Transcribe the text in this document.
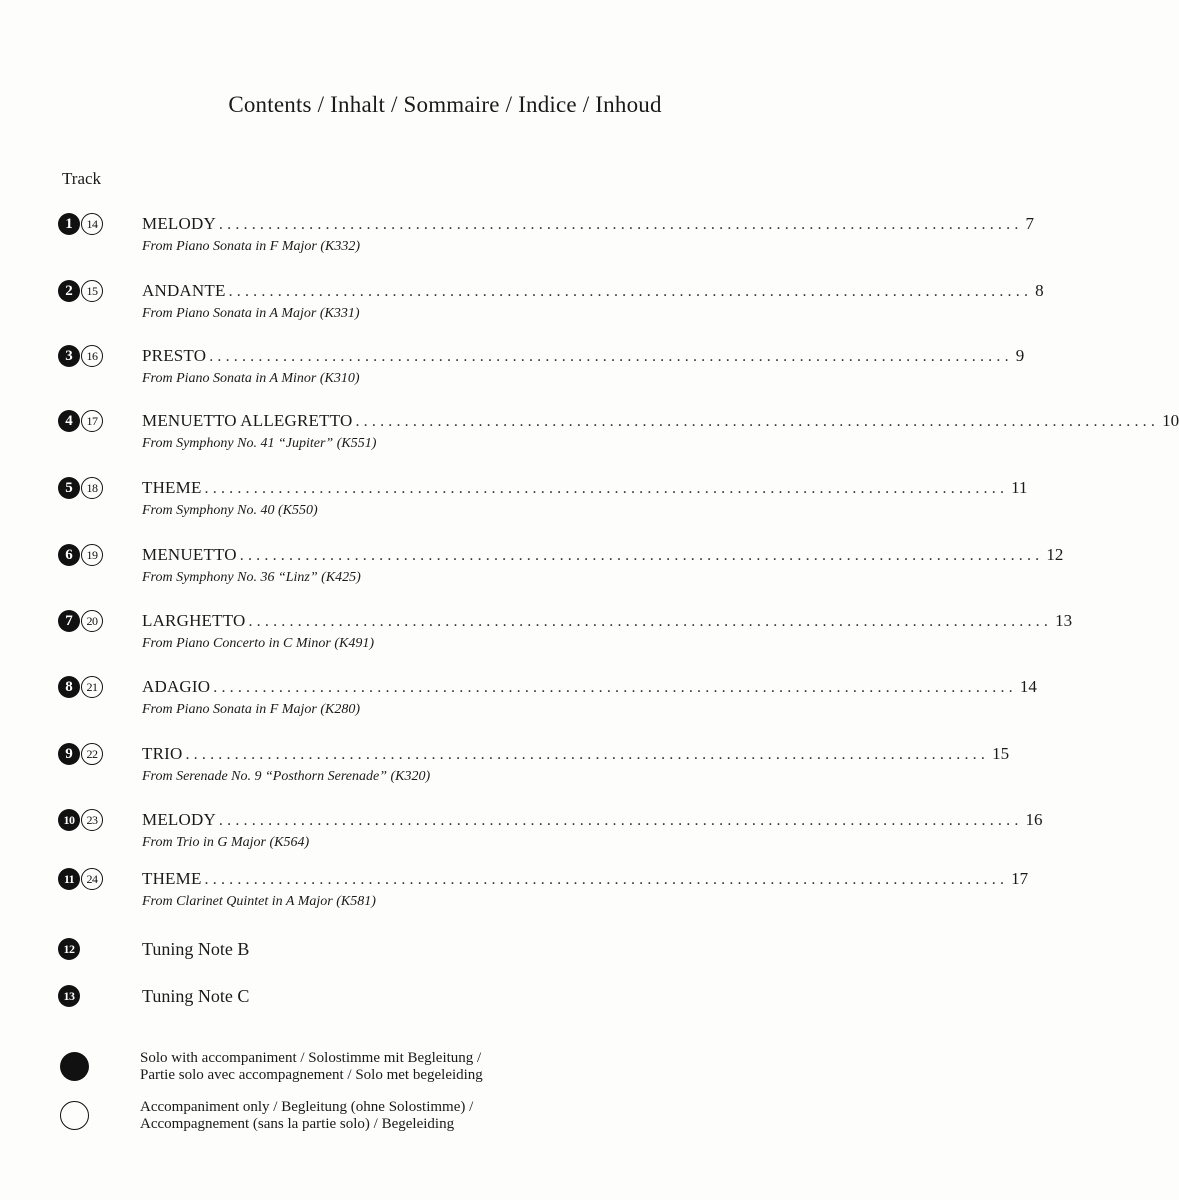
Contents / Inhalt / Sommaire / Indice / Inhoud
Track
1	14	MELODY .................................................................................................. 7
From Piano Sonata in F Major (K332)
2	15	ANDANTE .................................................................................................. 8
From Piano Sonata in A Major (K331)
3	16	PRESTO .................................................................................................. 9
From Piano Sonata in A Minor (K310)
4	17	MENUETTO ALLEGRETTO .................................................................................................. 10
From Symphony No. 41 “Jupiter” (K551)
5	18	THEME .................................................................................................. 11
From Symphony No. 40 (K550)
6	19	MENUETTO .................................................................................................. 12
From Symphony No. 36 “Linz” (K425)
7	20	LARGHETTO .................................................................................................. 13
From Piano Concerto in C Minor (K491)
8	21	ADAGIO .................................................................................................. 14
From Piano Sonata in F Major (K280)
9	22	TRIO .................................................................................................. 15
From Serenade No. 9 “Posthorn Serenade” (K320)
10	23	MELODY .................................................................................................. 16
From Trio in G Major (K564)
11	24	THEME .................................................................................................. 17
From Clarinet Quintet in A Major (K581)
12	Tuning Note B
13	Tuning Note C
Solo with accompaniment / Solostimme mit Begleitung /
Partie solo avec accompagnement / Solo met begeleiding
Accompaniment only / Begleitung (ohne Solostimme) /
Accompagnement (sans la partie solo) / Begeleiding
